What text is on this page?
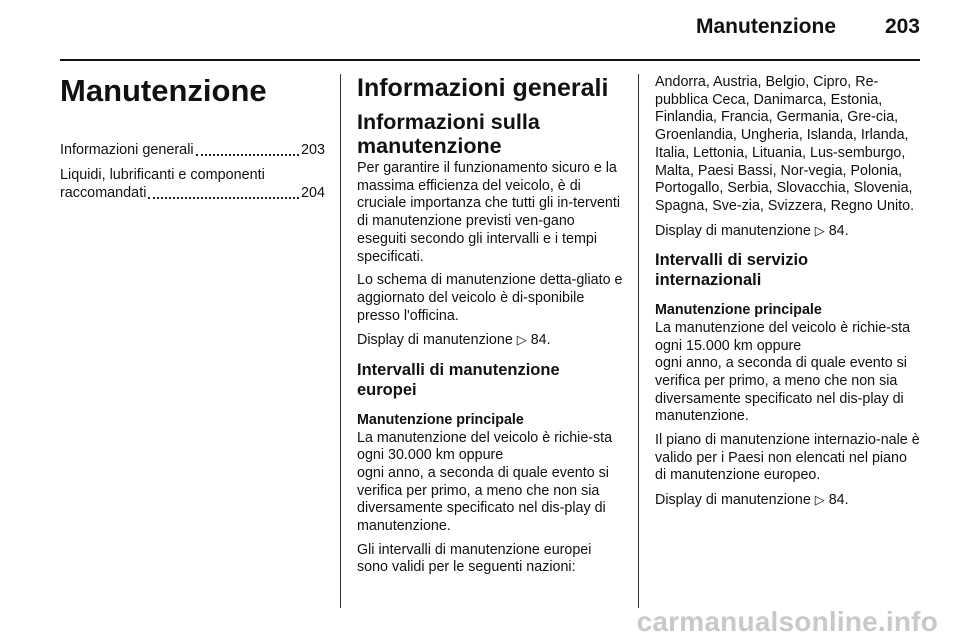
Manutenzione 203
Manutenzione
Informazioni generali	203
Liquidi, lubrificanti e componenti
raccomandati	204
Informazioni generali
Informazioni sulla
manutenzione

Per garantire il funzionamento sicuro e la massima efficienza del veicolo, è di cruciale importanza che tutti gli in-terventi di manutenzione previsti ven-gano eseguiti secondo gli intervalli e i tempi specificati.

Lo schema di manutenzione detta-gliato e aggiornato del veicolo è di-sponibile presso l'officina.

Display di manutenzione ▷ 84.

Intervalli di manutenzione
europei
Manutenzione principale

La manutenzione del veicolo è richie-sta ogni 30.000 km oppure

ogni anno, a seconda di quale evento si verifica per primo, a meno che non sia diversamente specificato nel dis-play di manutenzione.

Gli intervalli di manutenzione europei sono validi per le seguenti nazioni:

Andorra, Austria, Belgio, Cipro, Re-pubblica Ceca, Danimarca, Estonia, Finlandia, Francia, Germania, Gre-cia, Groenlandia, Ungheria, Islanda, Irlanda, Italia, Lettonia, Lituania, Lus-semburgo, Malta, Paesi Bassi, Nor-vegia, Polonia, Portogallo, Serbia, Slovacchia, Slovenia, Spagna, Sve-zia, Svizzera, Regno Unito.

Display di manutenzione ▷ 84.

Intervalli di servizio
internazionali
Manutenzione principale

La manutenzione del veicolo è richie-sta ogni 15.000 km oppure

ogni anno, a seconda di quale evento si verifica per primo, a meno che non sia diversamente specificato nel dis-play di manutenzione.

Il piano di manutenzione internazio-nale è valido per i Paesi non elencati nel piano di manutenzione europeo.

Display di manutenzione ▷ 84.

carmanualsonline.info
